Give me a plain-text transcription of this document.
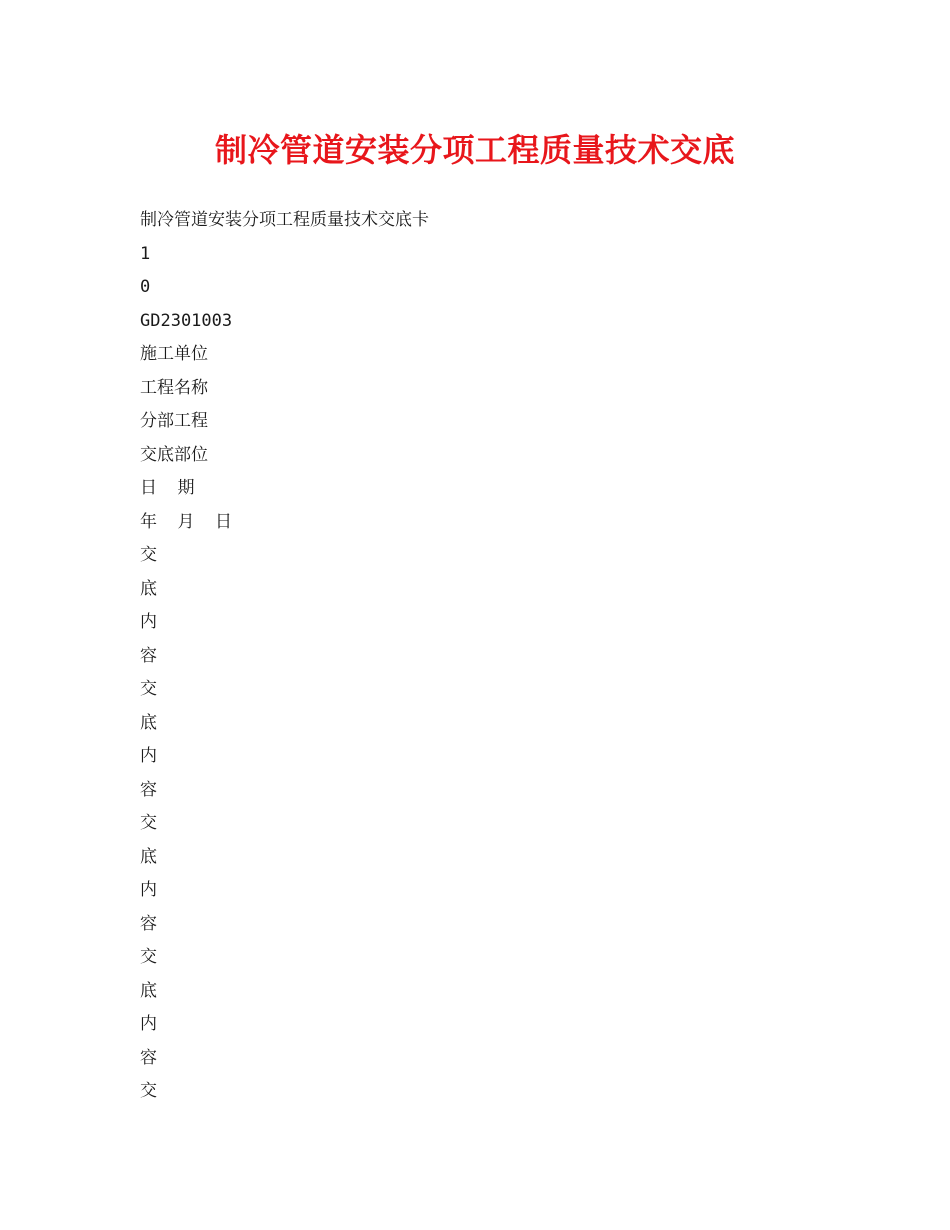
制冷管道安装分项工程质量技术交底
制冷管道安装分项工程质量技术交底卡
1
0
GD2301003
施工单位
工程名称
分部工程
交底部位
日  期
年  月  日
交
底
内
容
交
底
内
容
交
底
内
容
交
底
内
容
交
